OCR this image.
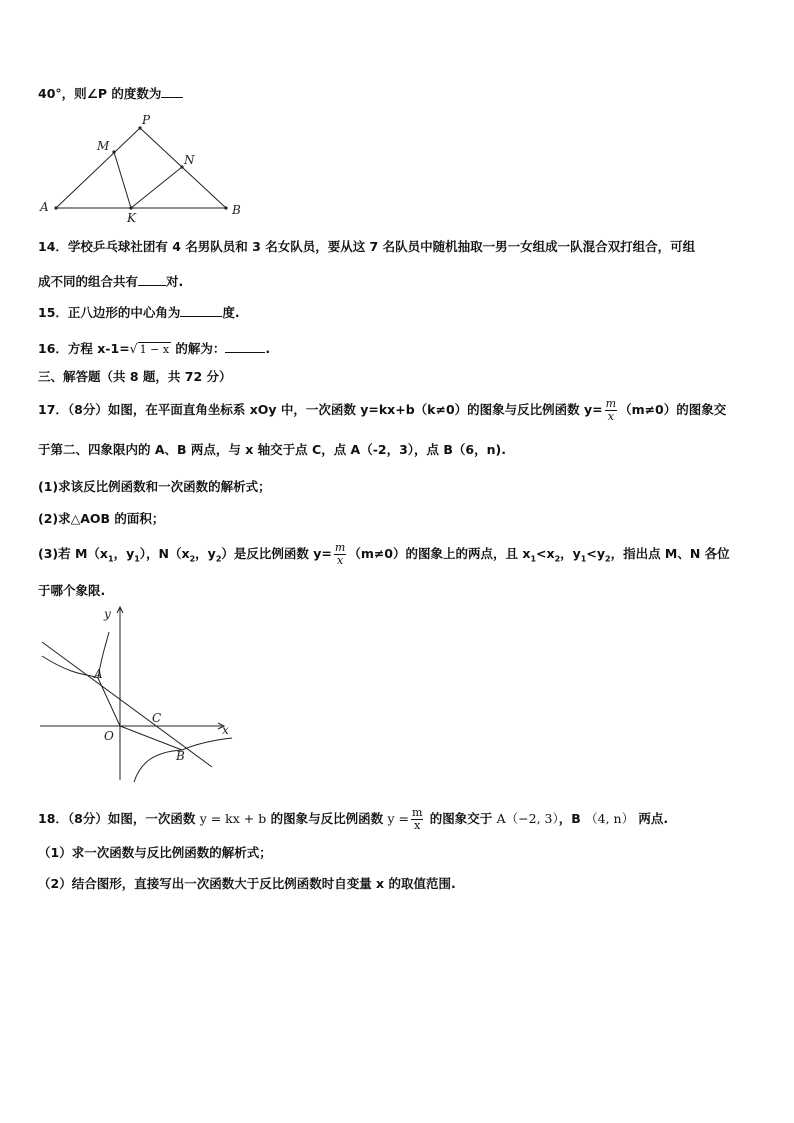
40°，则∠P 的度数为
P
M
N
A
K
B
14．学校乒乓球社团有 4 名男队员和 3 名女队员，要从这 7 名队员中随机抽取一男一女组成一队混合双打组合，可组
成不同的组合共有 对.
15．正八边形的中心角为	度.
16．方程 x-1=√ 1 − x 的解为：	.
三、解答题（共 8 题，共 72 分）
17．（8分）如图，在平面直角坐标系 xOy 中，一次函数 y=kx+b（k≠0）的图象与反比例函数 $y= \frac{m}{x} (m\ne 0)$的图象交
于第二、四象限内的 A、B 两点，与 x 轴交于点 C，点 A（-2，3），点 B（6，n).
(1)求该反比例函数和一次函数的解析式；
(2)求△AOB 的面积；
(3)若 $M(x_1$，$y_1$），$N(x_2$，$y_2$）是反比例函数 $y= \frac{m}{x} (m\ne 0)$的图象上的两点，且 $x_1<x_2$，$y_1<y_2$，指出点 M、N 各位
于哪个象限.
y
x
O
A
C
B
18．（8分）如图，一次函数 y = kx + b 的图象与反比例函数 $y = \frac{m}{x}$ 的图象交于 A（−2, 3），B （4, n） 两点.
（1）求一次函数与反比例函数的解析式；
（2）结合图形，直接写出一次函数大于反比例函数时自变量 x 的取值范围.
